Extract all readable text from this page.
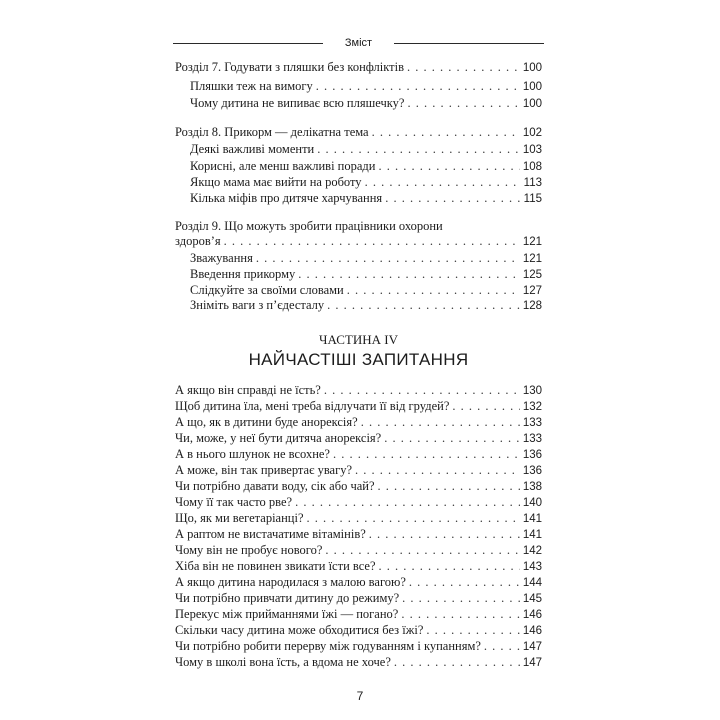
Зміст
Розділ 7. Годувати з пляшки без конфліктів . . .	100
Пляшки теж на вимогу . . .	100
Чому дитина не випиває всю пляшечку? . . .	100
Розділ 8. Прикорм — делікатна тема . . .	102
Деякі важливі моменти . . .	103
Корисні, але менш важливі поради . . .	108
Якщо мама має вийти на роботу . . .	113
Кілька міфів про дитяче харчування . . .	115
Розділ 9. Що можуть зробити працівники охорони
здоров’я . . .	121
Зважування . . .	121
Введення прикорму . . .	125
Слідкуйте за своїми словами . . .	127
Зніміть ваги з п’єдесталу . . .	128
ЧАСТИНА IV
НАЙЧАСТІШІ ЗАПИТАННЯ
А якщо він справді не їсть? . . .	130
Щоб дитина їла, мені треба відлучати її від грудей? . . .	132
А що, як в дитини буде анорексія? . . .	133
Чи, може, у неї бути дитяча анорексія? . . .	133
А в нього шлунок не всохне? . . .	136
А може, він так привертає увагу? . . .	136
Чи потрібно давати воду, сік або чай? . . .	138
Чому її так часто рве? . . .	140
Що, як ми вегетаріанці? . . .	141
А раптом не вистачатиме вітамінів? . . .	141
Чому він не пробує нового? . . .	142
Хіба він не повинен звикати їсти все? . . .	143
А якщо дитина народилася з малою вагою? . . .	144
Чи потрібно привчати дитину до режиму? . . .	145
Перекус між прийманнями їжі — погано? . . .	146
Скільки часу дитина може обходитися без їжі? . . .	146
Чи потрібно робити перерву між годуванням і купанням? . . .	147
Чому в школі вона їсть, а вдома не хоче? . . .	147
7
